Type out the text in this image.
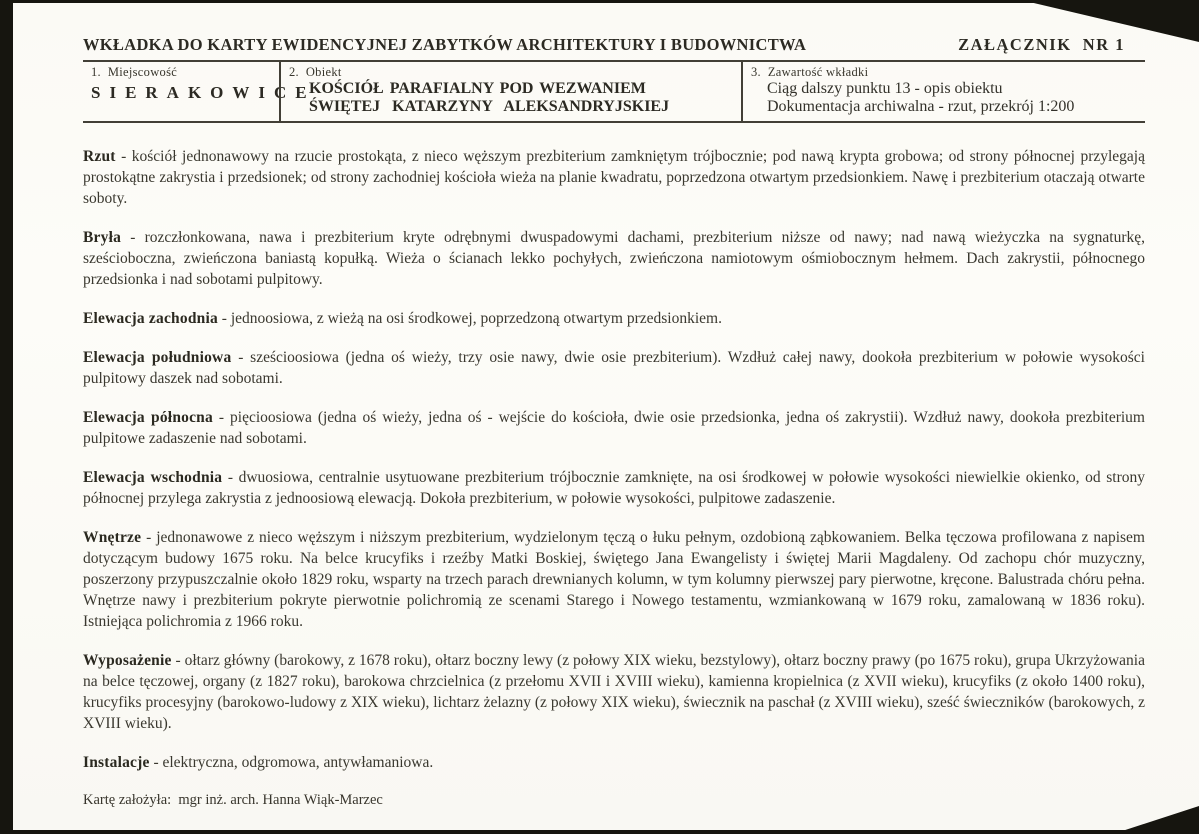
WKŁADKA DO KARTY EWIDENCYJNEJ ZABYTKÓW ARCHITEKTURY I BUDOWNICTWA	ZAŁĄCZNIK  NR 1
1.  Miejscowość
SIERAKOWICE
2.  Obiekt
KOŚCIÓŁ PARAFIALNY POD WEZWANIEM
ŚWIĘTEJ  KATARZYNY  ALEKSANDRYJSKIEJ
3.  Zawartość wkładki
Ciąg dalszy punktu 13 - opis obiektu
Dokumentacja archiwalna - rzut, przekrój 1:200

Rzut - kościół jednonawowy na rzucie prostokąta, z nieco węższym prezbiterium zamkniętym trójbocznie; pod nawą krypta grobowa; od strony północnej przylegają prostokątne zakrystia i przedsionek; od strony zachodniej kościoła wieża na planie kwadratu, poprzedzona otwartym przedsionkiem. Nawę i prezbiterium otaczają otwarte soboty.

Bryła - rozczłonkowana, nawa i prezbiterium kryte odrębnymi dwuspadowymi dachami, prezbiterium niższe od nawy; nad nawą wieżyczka na sygnaturkę, sześcioboczna, zwieńczona baniastą kopułką. Wieża o ścianach lekko pochyłych, zwieńczona namiotowym ośmiobocznym hełmem. Dach zakrystii, północnego przedsionka i nad sobotami pulpitowy.

Elewacja zachodnia - jednoosiowa, z wieżą na osi środkowej, poprzedzoną otwartym przedsionkiem.

Elewacja południowa - sześcioosiowa (jedna oś wieży, trzy osie nawy, dwie osie prezbiterium). Wzdłuż całej nawy, dookoła prezbiterium w połowie wysokości pulpitowy daszek nad sobotami.

Elewacja północna - pięcioosiowa (jedna oś wieży, jedna oś - wejście do kościoła, dwie osie przedsionka, jedna oś zakrystii). Wzdłuż nawy, dookoła prezbiterium pulpitowe zadaszenie nad sobotami.

Elewacja wschodnia - dwuosiowa, centralnie usytuowane prezbiterium trójbocznie zamknięte, na osi środkowej w połowie wysokości niewielkie okienko, od strony północnej przylega zakrystia z jednoosiową elewacją. Dokoła prezbiterium, w połowie wysokości, pulpitowe zadaszenie.

Wnętrze - jednonawowe z nieco węższym i niższym prezbiterium, wydzielonym tęczą o łuku pełnym, ozdobioną ząbkowaniem. Belka tęczowa profilowana z napisem dotyczącym budowy 1675 roku. Na belce krucyfiks i rzeźby Matki Boskiej, świętego Jana Ewangelisty i świętej Marii Magdaleny. Od zachopu chór muzyczny, poszerzony przypuszczalnie około 1829 roku, wsparty na trzech parach drewnianych kolumn, w tym kolumny pierwszej pary pierwotne, kręcone. Balustrada chóru pełna. Wnętrze nawy i prezbiterium pokryte pierwotnie polichromią ze scenami Starego i Nowego testamentu, wzmiankowaną w 1679 roku, zamalowaną w 1836 roku). Istniejąca polichromia z 1966 roku.

Wyposażenie - ołtarz główny (barokowy, z 1678 roku), ołtarz boczny lewy (z połowy XIX wieku, bezstylowy), ołtarz boczny prawy (po 1675 roku), grupa Ukrzyżowania na belce tęczowej, organy (z 1827 roku), barokowa chrzcielnica (z przełomu XVII i XVIII wieku), kamienna kropielnica (z XVII wieku), krucyfiks (z około 1400 roku), krucyfiks procesyjny (barokowo-ludowy z XIX wieku), lichtarz żelazny (z połowy XIX wieku), świecznik na paschał (z XVIII wieku), sześć świeczników (barokowych, z XVIII wieku).

Instalacje - elektryczna, odgromowa, antywłamaniowa.

Kartę założyła:  mgr inż. arch. Hanna Wiąk-Marzec
